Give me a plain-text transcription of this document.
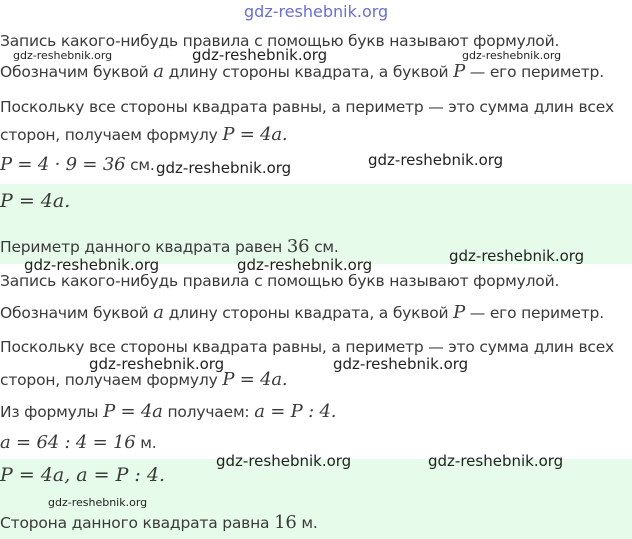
gdz-reshebnik.org
Запись какого-нибудь правила с помощью букв называют формулой.
Обозначим буквой a длину стороны квадрата, а буквой P — его периметр.
Поскольку все стороны квадрата равны, а периметр — это сумма длин всех
сторон, получаем формулу P = 4a.
P = 4 · 9 = 36 см.
P = 4a.
Периметр данного квадрата равен 36 см.
Запись какого-нибудь правила с помощью букв называют формулой.
Обозначим буквой a длину стороны квадрата, а буквой P — его периметр.
Поскольку все стороны квадрата равны, а периметр — это сумма длин всех
сторон, получаем формулу P = 4a.
Из формулы P = 4a получаем: a = P : 4.
a = 64 : 4 = 16 м.
P = 4a, a = P : 4.
Сторона данного квадрата равна 16 м.
gdz-reshebnik.org	gdz-reshebnik.org	gdz-reshebnik.org
gdz-reshebnik.org	gdz-reshebnik.org
gdz-reshebnik.org
gdz-reshebnik.org	gdz-reshebnik.org
gdz-reshebnik.org	gdz-reshebnik.org
gdz-reshebnik.org	gdz-reshebnik.org
gdz-reshebnik.org
